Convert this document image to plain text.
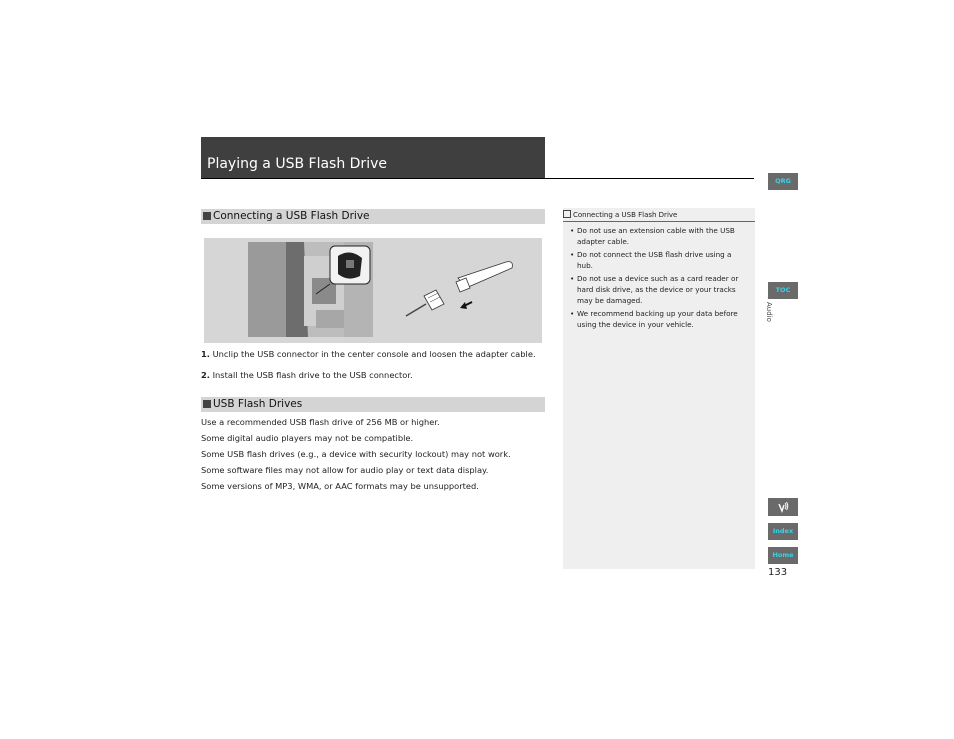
Playing a USB Flash Drive
Connecting a USB Flash Drive
1. Unclip the USB connector in the center console and loosen the adapter cable.
2. Install the USB flash drive to the USB connector.
USB Flash Drives
Use a recommended USB flash drive of 256 MB or higher.
Some digital audio players may not be compatible.
Some USB flash drives (e.g., a device with security lockout) may not work.
Some software files may not allow for audio play or text data display.
Some versions of MP3, WMA, or AAC formats may be unsupported.
Connecting a USB Flash Drive
• Do not use an extension cable with the USB
adapter cable.
• Do not connect the USB flash drive using a
hub.
• Do not use a device such as a card reader or
hard disk drive, as the device or your tracks
may be damaged.
• We recommend backing up your data before
using the device in your vehicle.
QRG
TOC
Audio
Index
Home
133
